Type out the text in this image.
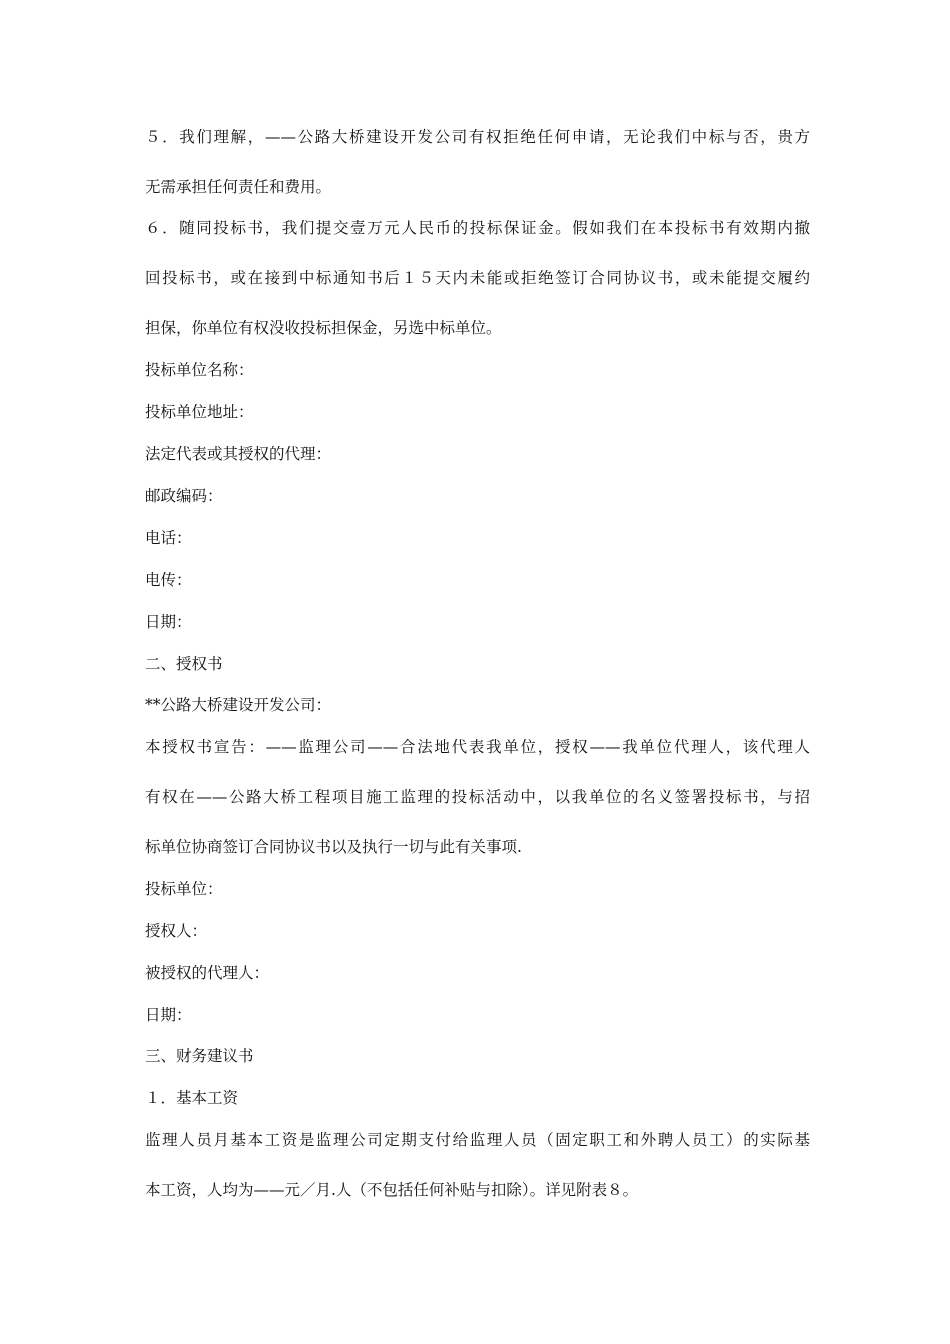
５．我们理解，——公路大桥建设开发公司有权拒绝任何申请，无论我们中标与否，贵方
无需承担任何责任和费用。
６．随同投标书，我们提交壹万元人民币的投标保证金。假如我们在本投标书有效期内撤
回投标书，或在接到中标通知书后１５天内未能或拒绝签订合同协议书，或未能提交履约
担保，你单位有权没收投标担保金，另选中标单位。
投标单位名称：
投标单位地址：
法定代表或其授权的代理：
邮政编码：
电话：
电传：
日期：
二、授权书
**公路大桥建设开发公司：
本授权书宣告：——监理公司——合法地代表我单位，授权——我单位代理人，该代理人
有权在——公路大桥工程项目施工监理的投标活动中，以我单位的名义签署投标书，与招
标单位协商签订合同协议书以及执行一切与此有关事项.
投标单位：
授权人：
被授权的代理人：
日期：
三、财务建议书
１．基本工资
监理人员月基本工资是监理公司定期支付给监理人员（固定职工和外聘人员工）的实际基
本工资，人均为——元／月.人（不包括任何补贴与扣除）。详见附表８。
